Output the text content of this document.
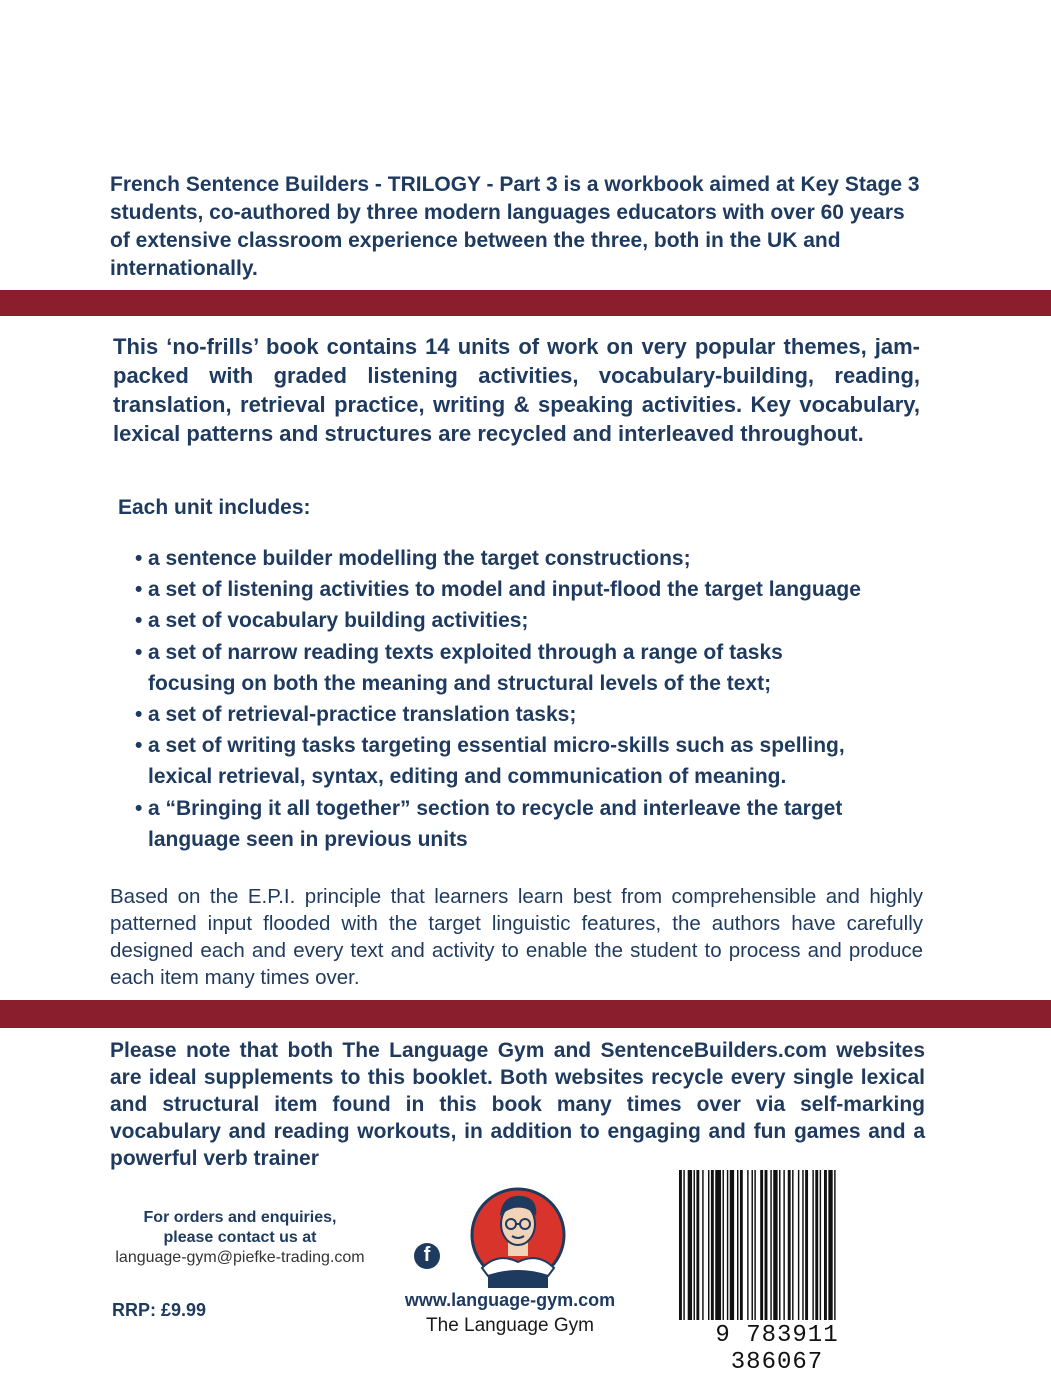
French Sentence Builders - TRILOGY - Part 3 is a workbook aimed at Key Stage 3 students, co-authored by three modern languages educators with over 60 years of extensive classroom experience between the three, both in the UK and internationally.

This ‘no-frills’ book contains 14 units of work on very popular themes, jam-packed with graded listening activities, vocabulary-building, reading, translation, retrieval practice, writing & speaking activities. Key vocabulary, lexical patterns and structures are recycled and interleaved throughout.

Each unit includes:
• a sentence builder modelling the target constructions;
• a set of listening activities to model and input-flood the target language
• a set of vocabulary building activities;
• a set of narrow reading texts exploited through a range of tasks focusing on both the meaning and structural levels of the text;
• a set of retrieval-practice translation tasks;
• a set of writing tasks targeting essential micro-skills such as spelling, lexical retrieval, syntax, editing and communication of meaning.
• a “Bringing it all together” section to recycle and interleave the target language seen in previous units

Based on the E.P.I. principle that learners learn best from comprehensible and highly patterned input flooded with the target linguistic features, the authors have carefully designed each and every text and activity to enable the student to process and produce each item many times over.

Please note that both The Language Gym and SentenceBuilders.com websites are ideal supplements to this booklet. Both websites recycle every single lexical and structural item found in this book many times over via self-marking vocabulary and reading workouts, in addition to engaging and fun games and a powerful verb trainer

For orders and enquiries,
please contact us at
language-gym@piefke-trading.com
RRP: £9.99
f
www.language-gym.com
The Language Gym	9 783911 386067
